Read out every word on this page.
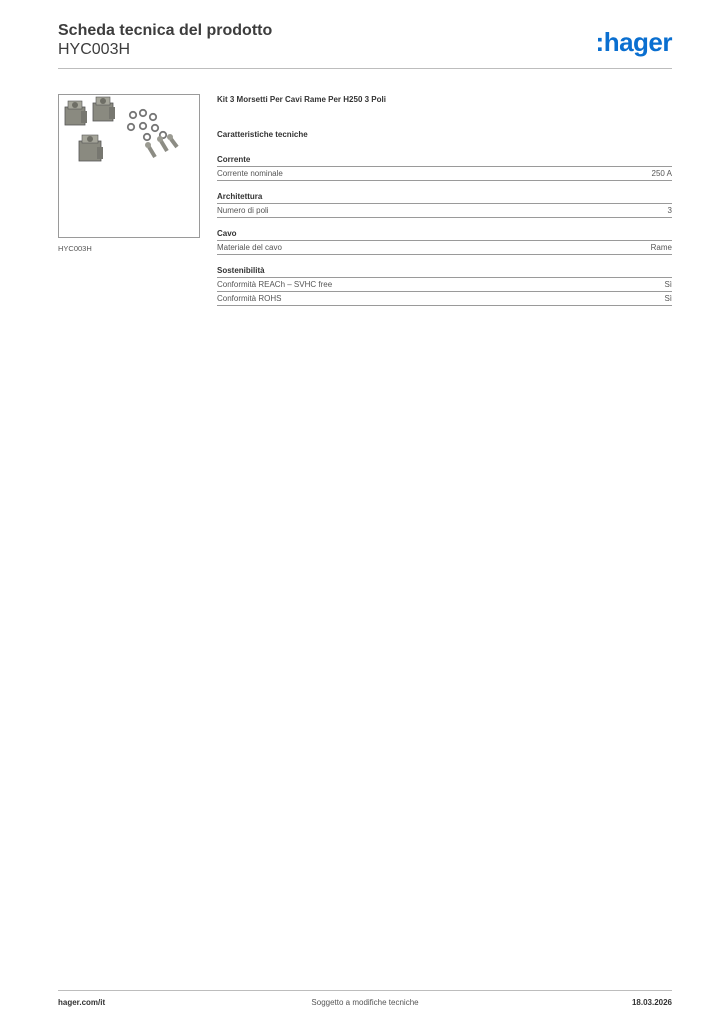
Scheda tecnica del prodotto
HYC003H	:hager
HYC003H
Kit 3 Morsetti Per Cavi Rame Per H250 3 Poli
Caratteristiche tecniche
Corrente
Corrente nominale	250 A
Architettura
Numero di poli	3
Cavo
Materiale del cavo	Rame
Sostenibilità
Conformità REACh – SVHC free	Sì
Conformità ROHS	Sì
hager.com/it	Soggetto a modifiche tecniche	18.03.2026
